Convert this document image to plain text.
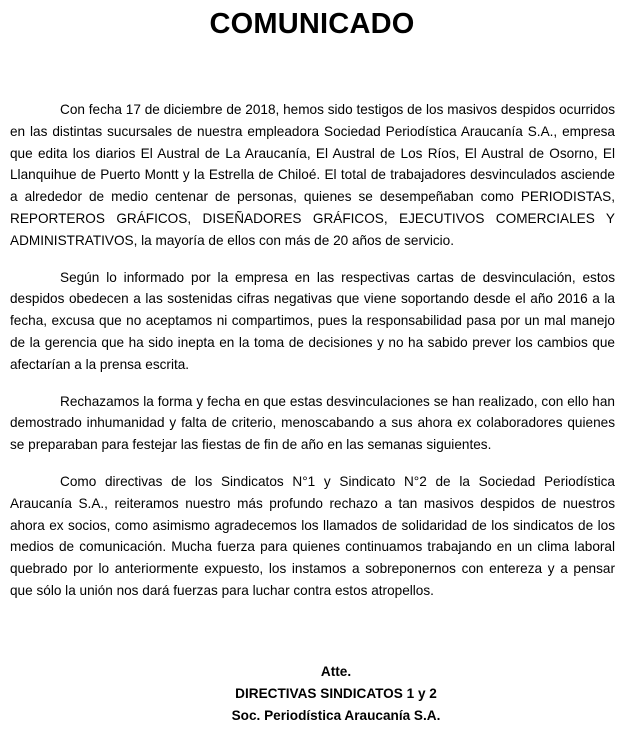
COMUNICADO

Con fecha 17 de diciembre de 2018, hemos sido testigos de los masivos despidos ocurridos en las distintas sucursales de nuestra empleadora Sociedad Periodística Araucanía S.A., empresa que edita los diarios El Austral de La Araucanía, El Austral de Los Ríos, El Austral de Osorno, El Llanquihue de Puerto Montt y la Estrella de Chiloé. El total de trabajadores desvinculados asciende a alrededor de medio centenar de personas, quienes se desempeñaban como PERIODISTAS, REPORTEROS GRÁFICOS, DISEÑADORES GRÁFICOS, EJECUTIVOS COMERCIALES Y ADMINISTRATIVOS, la mayoría de ellos con más de 20 años de servicio.

Según lo informado por la empresa en las respectivas cartas de desvinculación, estos despidos obedecen a las sostenidas cifras negativas que viene soportando desde el año 2016 a la fecha, excusa que no aceptamos ni compartimos, pues la responsabilidad pasa por un mal manejo de la gerencia que ha sido inepta en la toma de decisiones y no ha sabido prever los cambios que afectarían a la prensa escrita.

Rechazamos la forma y fecha en que estas desvinculaciones se han realizado, con ello han demostrado inhumanidad y falta de criterio, menoscabando a sus ahora ex colaboradores quienes se preparaban para festejar las fiestas de fin de año en las semanas siguientes.

Como directivas de los Sindicatos N°1 y Sindicato N°2 de la Sociedad Periodística Araucanía S.A., reiteramos nuestro más profundo rechazo a tan masivos despidos de nuestros ahora ex socios, como asimismo agradecemos los llamados de solidaridad de los sindicatos de los medios de comunicación. Mucha fuerza para quienes continuamos trabajando en un clima laboral quebrado por lo anteriormente expuesto, los instamos a sobreponernos con entereza y a pensar que sólo la unión nos dará fuerzas para luchar contra estos atropellos.

Atte.
DIRECTIVAS SINDICATOS 1 y 2
Soc. Periodística Araucanía S.A.
